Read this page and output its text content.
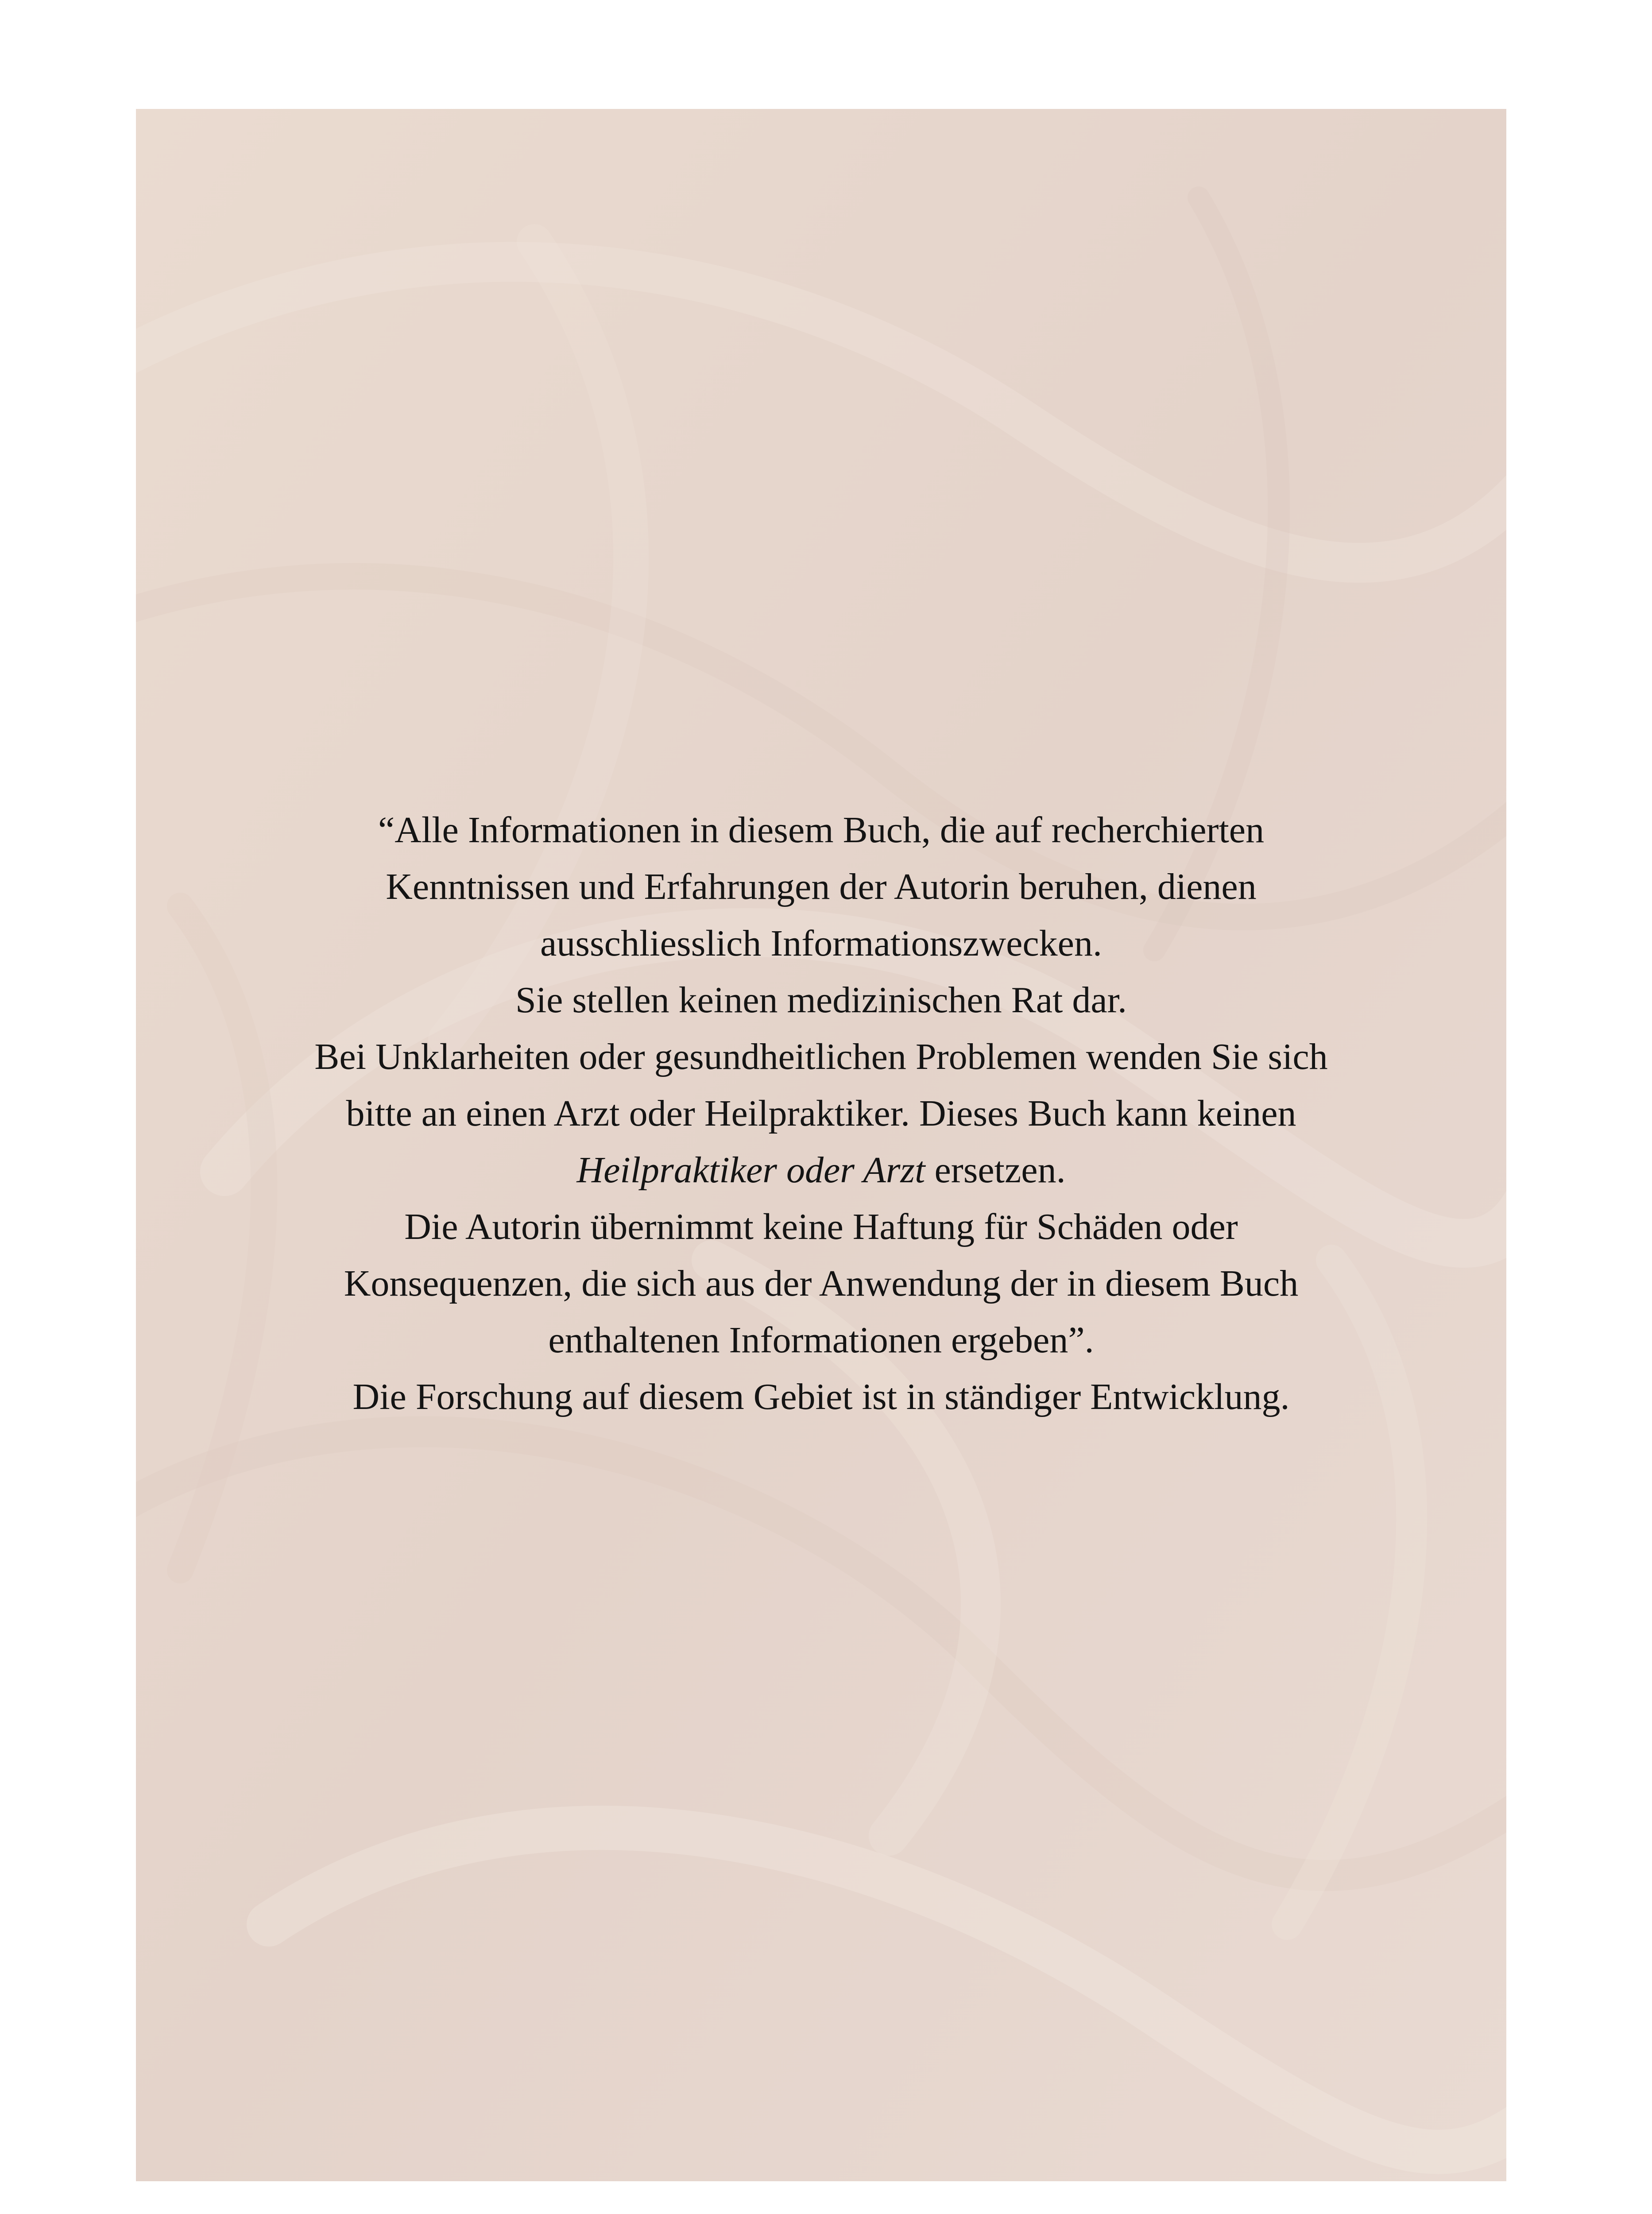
“Alle Informationen in diesem Buch, die auf recherchierten
Kenntnissen und Erfahrungen der Autorin beruhen, dienen
ausschliesslich Informationszwecken.
Sie stellen keinen medizinischen Rat dar.
Bei Unklarheiten oder gesundheitlichen Problemen wenden Sie sich
bitte an einen Arzt oder Heilpraktiker. Dieses Buch kann keinen
Heilpraktiker oder Arzt ersetzen.
Die Autorin übernimmt keine Haftung für Schäden oder
Konsequenzen, die sich aus der Anwendung der in diesem Buch
enthaltenen Informationen ergeben”.
Die Forschung auf diesem Gebiet ist in ständiger Entwicklung.
